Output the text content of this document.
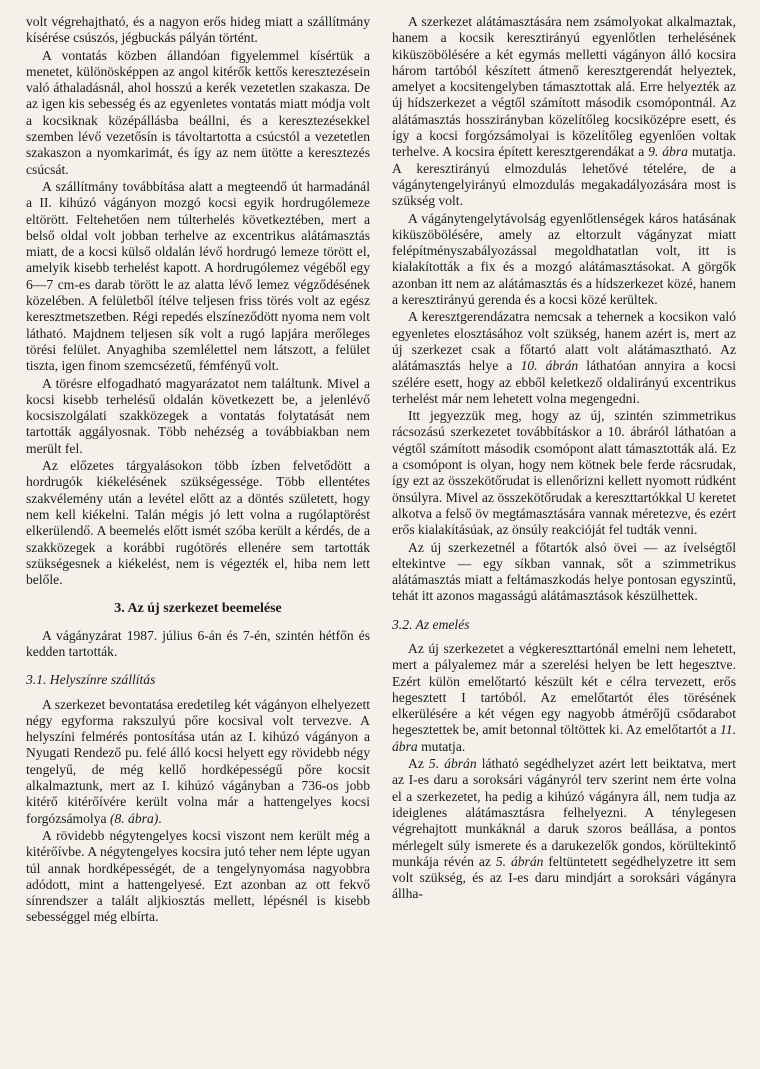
volt végrehajtható, és a nagyon erős hideg miatt a szállítmány kísérése csúszós, jégbuckás pályán történt.

A vontatás közben állandóan figyelemmel kísértük a menetet, különösképpen az angol kitérők kettős keresztezésein való áthaladásnál, ahol hosszú a kerék vezetetlen szakasza. De az igen kis sebesség és az egyenletes vontatás miatt módja volt a kocsiknak középállásba beállni, és a keresztezésekkel szemben lévő vezetősín is távoltartotta a csúcstól a vezetetlen szakaszon a nyomkarimát, és így az nem ütötte a keresztezés csúcsát.

A szállítmány továbbítása alatt a megteendő út harmadánál a II. kihúzó vágányon mozgó kocsi egyik hordrugólemeze eltörött. Feltehetően nem túlterhelés következtében, mert a belső oldal volt jobban terhelve az excentrikus alátámasztás miatt, de a kocsi külső oldalán lévő hordrugó lemeze törött el, amelyik kisebb terhelést kapott. A hordrugólemez végéből egy 6—7 cm-es darab törött le az alatta lévő lemez végződésének közelében. A felületből ítélve teljesen friss törés volt az egész keresztmetszetben. Régi repedés elszíneződött nyoma nem volt látható. Majdnem teljesen sík volt a rugó lapjára merőleges törési felület. Anyaghiba szemlélettel nem látszott, a felület tiszta, igen finom szemcsézetű, fémfényű volt.

A törésre elfogadható magyarázatot nem találtunk. Mivel a kocsi kisebb terhelésű oldalán következett be, a jelenlévő kocsiszolgálati szakközegek a vontatás folytatását nem tartották aggályosnak. Több nehézség a továbbiakban nem merült fel.

Az előzetes tárgyalásokon több ízben felvetődött a hordrugók kiékelésének szükségessége. Több ellentétes szakvélemény után a levétel előtt az a döntés született, hogy nem kell kiékelni. Talán mégis jó lett volna a rugólaptörést elkerülendő. A beemelés előtt ismét szóba került a kérdés, de a szakközegek a korábbi rugótörés ellenére sem tartották szükségesnek a kiékelést, nem is végezték el, hiba nem lett belőle.

3. Az új szerkezet beemelése

A vágányzárat 1987. július 6-án és 7-én, szintén hétfőn és kedden tartották.

3.1. Helyszínre szállítás

A szerkezet bevontatása eredetileg két vágányon elhelyezett négy egyforma rakszulyú pőre kocsival volt tervezve. A helyszíni felmérés pontosítása után az I. kihúzó vágányon a Nyugati Rendező pu. felé álló kocsi helyett egy rövidebb négy tengelyű, de még kellő hordképességű pőre kocsit alkalmaztunk, mert az I. kihúzó vágányban a 736-os jobb kitérő kitérőívére került volna már a hattengelyes kocsi forgózsámolya (8. ábra).

A rövidebb négytengelyes kocsi viszont nem került még a kitérőívbe. A négytengelyes kocsira jutó teher nem lépte ugyan túl annak hordképességét, de a tengelynyomása nagyobbra adódott, mint a hattengelyesé. Ezt azonban az ott fekvő sínrendszer a talált aljkiosztás mellett, lépésnél is kisebb sebességgel még elbírta.

A szerkezet alátámasztására nem zsámolyokat alkalmaztak, hanem a kocsik keresztirányú egyenlőtlen terhelésének kiküszöbölésére a két egymás melletti vágányon álló kocsira három tartóból készített átmenő keresztgerendát helyeztek, amelyet a kocsitengelyben támasztottak alá. Erre helyezték az új hídszerkezet a végtől számított második csomópontnál. Az alátámasztás hosszirányban közelítőleg kocsiközépre esett, és így a kocsi forgózsámolyai is közelítőleg egyenlően voltak terhelve. A kocsira épített keresztgerendákat a 9. ábra mutatja. A keresztirányú elmozdulás lehetővé tételére, de a vágánytengelyirányú elmozdulás megakadályozására most is szükség volt.

A vágánytengelytávolság egyenlőtlenségek káros hatásának kiküszöbölésére, amely az eltorzult vágányzat miatt felépítményszabályozással megoldhatatlan volt, itt is kialakították a fix és a mozgó alátámasztásokat. A görgők azonban itt nem az alátámasztás és a hídszerkezet közé, hanem a keresztirányú gerenda és a kocsi közé kerültek.

A keresztgerendázatra nemcsak a tehernek a kocsikon való egyenletes elosztásához volt szükség, hanem azért is, mert az új szerkezet csak a főtartó alatt volt alátámasztható. Az alátámasztás helye a 10. ábrán láthatóan annyira a kocsi szélére esett, hogy az ebből keletkező oldalirányú excentrikus terhelést már nem lehetett volna megengedni.

Itt jegyezzük meg, hogy az új, szintén szimmetrikus rácsozású szerkezetet továbbításkor a 10. ábráról láthatóan a végtől számított második csomópont alatt támasztották alá. Ez a csomópont is olyan, hogy nem kötnek bele ferde rácsrudak, így ezt az összekötőrudat is ellenőrizni kellett nyomott rúdként önsúlyra. Mivel az összekötőrudak a kereszttartókkal U keretet alkotva a felső öv megtámasztására vannak méretezve, és ezért erős kialakításúak, az önsúly reakcióját fel tudták venni.

Az új szerkezetnél a főtartók alsó övei — az ívelségtől eltekintve — egy síkban vannak, sőt a szimmetrikus alátámasztás miatt a feltámaszkodás helye pontosan egyszintű, tehát itt azonos magasságú alátámasztások készülhettek.

3.2. Az emelés

Az új szerkezetet a végkereszttartónál emelni nem lehetett, mert a pályalemez már a szerelési helyen be lett hegesztve. Ezért külön emelőtartó készült két e célra tervezett, erős hegesztett I tartóból. Az emelőtartót éles törésének elkerülésére a két végen egy nagyobb átmérőjű csődarabot hegesztettek be, amit betonnal töltöttek ki. Az emelőtartót a 11. ábra mutatja.

Az 5. ábrán látható segédhelyzet azért lett beiktatva, mert az I-es daru a soroksári vágányról terv szerint nem érte volna el a szerkezetet, ha pedig a kihúzó vágányra áll, nem tudja az ideiglenes alátámasztásra felhelyezni. A ténylegesen végrehajtott munkáknál a daruk szoros beállása, a pontos mérlegelt súly ismerete és a darukezelők gondos, körültekintő munkája révén az 5. ábrán feltüntetett segédhelyzetre itt sem volt szükség, és az I-es daru mindjárt a soroksári vágányra állha-
